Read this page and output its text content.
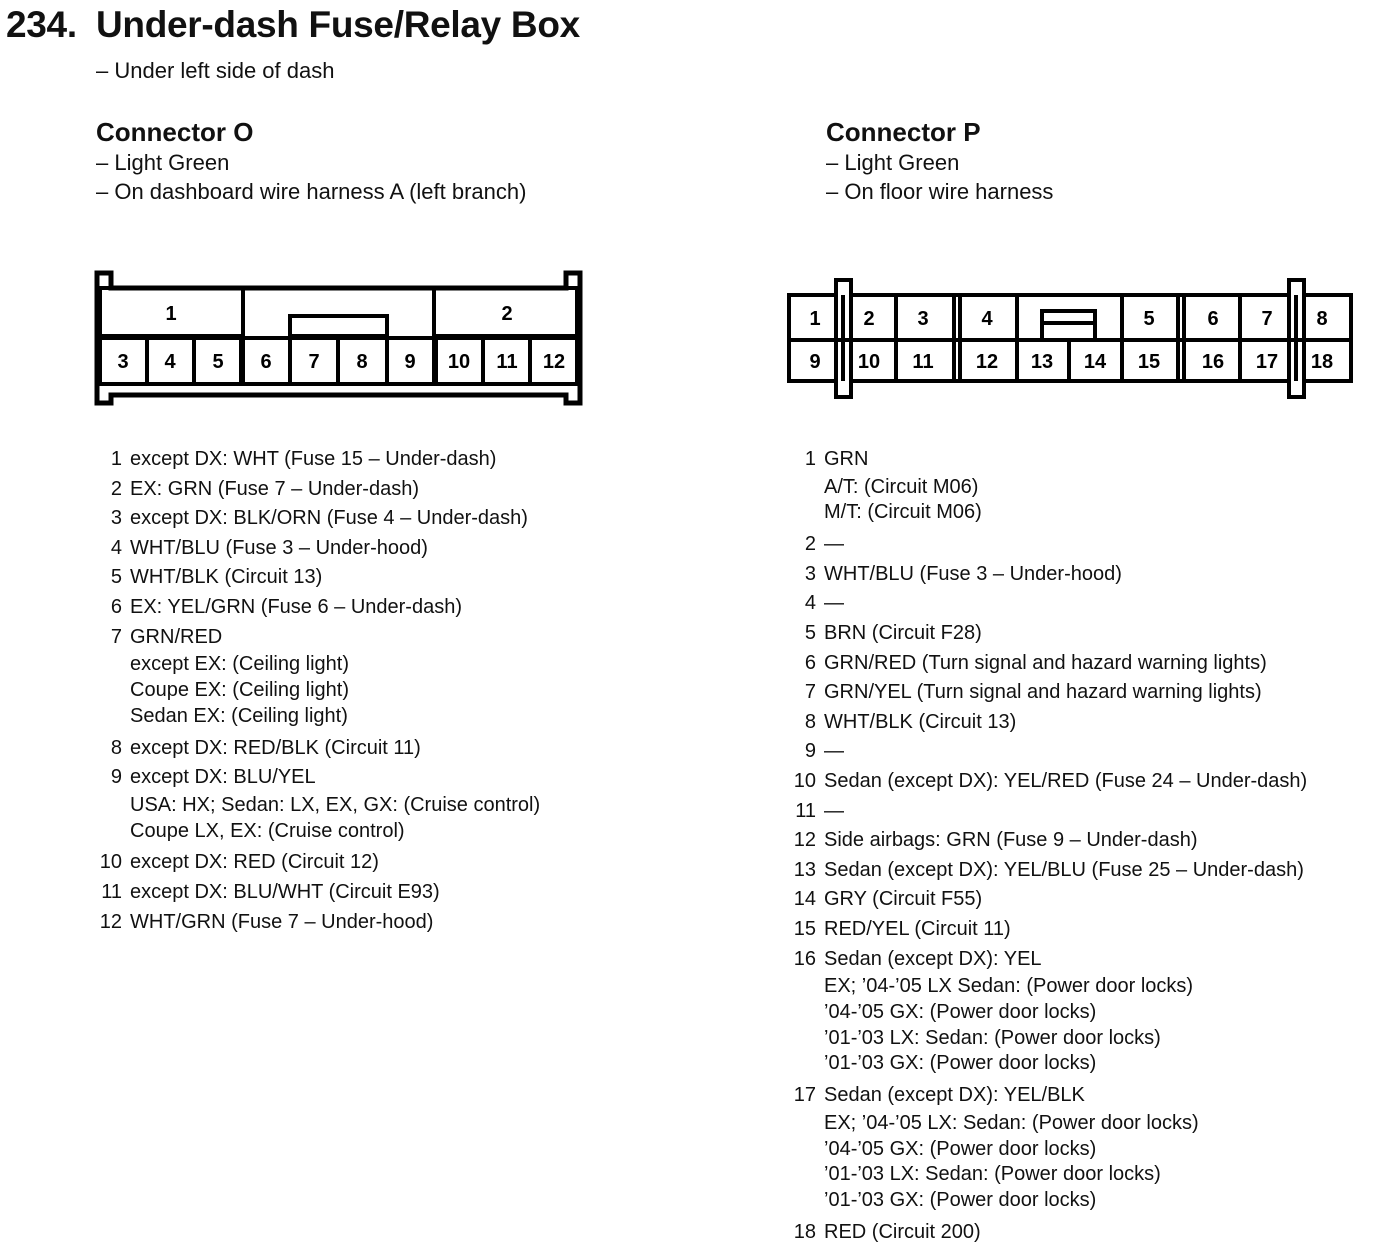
234. Under-dash Fuse/Relay Box
– Under left side of dash
Connector O
– Light Green
– On dashboard wire harness A (left branch)
Connector P
– Light Green
– On floor wire harness
1	2
3 4 5 6 7 8 9 10 11 12
1 2 3	4	5	6 7 8
9 10 11 12 13 14 15 16 17 18
1 except DX: WHT (Fuse 15 – Under-dash)
2 EX: GRN (Fuse 7 – Under-dash)
3 except DX: BLK/ORN (Fuse 4 – Under-dash)
4 WHT/BLU (Fuse 3 – Under-hood)
5 WHT/BLK (Circuit 13)
6 EX: YEL/GRN (Fuse 6 – Under-dash)
7 GRN/RED
except EX: (Ceiling light)
Coupe EX: (Ceiling light)
Sedan EX: (Ceiling light)
8 except DX: RED/BLK (Circuit 11)
9 except DX: BLU/YEL
USA: HX; Sedan: LX, EX, GX: (Cruise control)
Coupe LX, EX: (Cruise control)
10 except DX: RED (Circuit 12)
11 except DX: BLU/WHT (Circuit E93)
12 WHT/GRN (Fuse 7 – Under-hood)
1 GRN
A/T: (Circuit M06)
M/T: (Circuit M06)
2 —
3 WHT/BLU (Fuse 3 – Under-hood)
4 —
5 BRN (Circuit F28)
6 GRN/RED (Turn signal and hazard warning lights)
7 GRN/YEL (Turn signal and hazard warning lights)
8 WHT/BLK (Circuit 13)
9 —
10 Sedan (except DX): YEL/RED (Fuse 24 – Under-dash)
11 —
12 Side airbags: GRN (Fuse 9 – Under-dash)
13 Sedan (except DX): YEL/BLU (Fuse 25 – Under-dash)
14 GRY (Circuit F55)
15 RED/YEL (Circuit 11)
16 Sedan (except DX): YEL
EX; ’04-’05 LX Sedan: (Power door locks)
’04-’05 GX: (Power door locks)
’01-’03 LX: Sedan: (Power door locks)
’01-’03 GX: (Power door locks)
17 Sedan (except DX): YEL/BLK
EX; ’04-’05 LX: Sedan: (Power door locks)
’04-’05 GX: (Power door locks)
’01-’03 LX: Sedan: (Power door locks)
’01-’03 GX: (Power door locks)
18 RED (Circuit 200)
